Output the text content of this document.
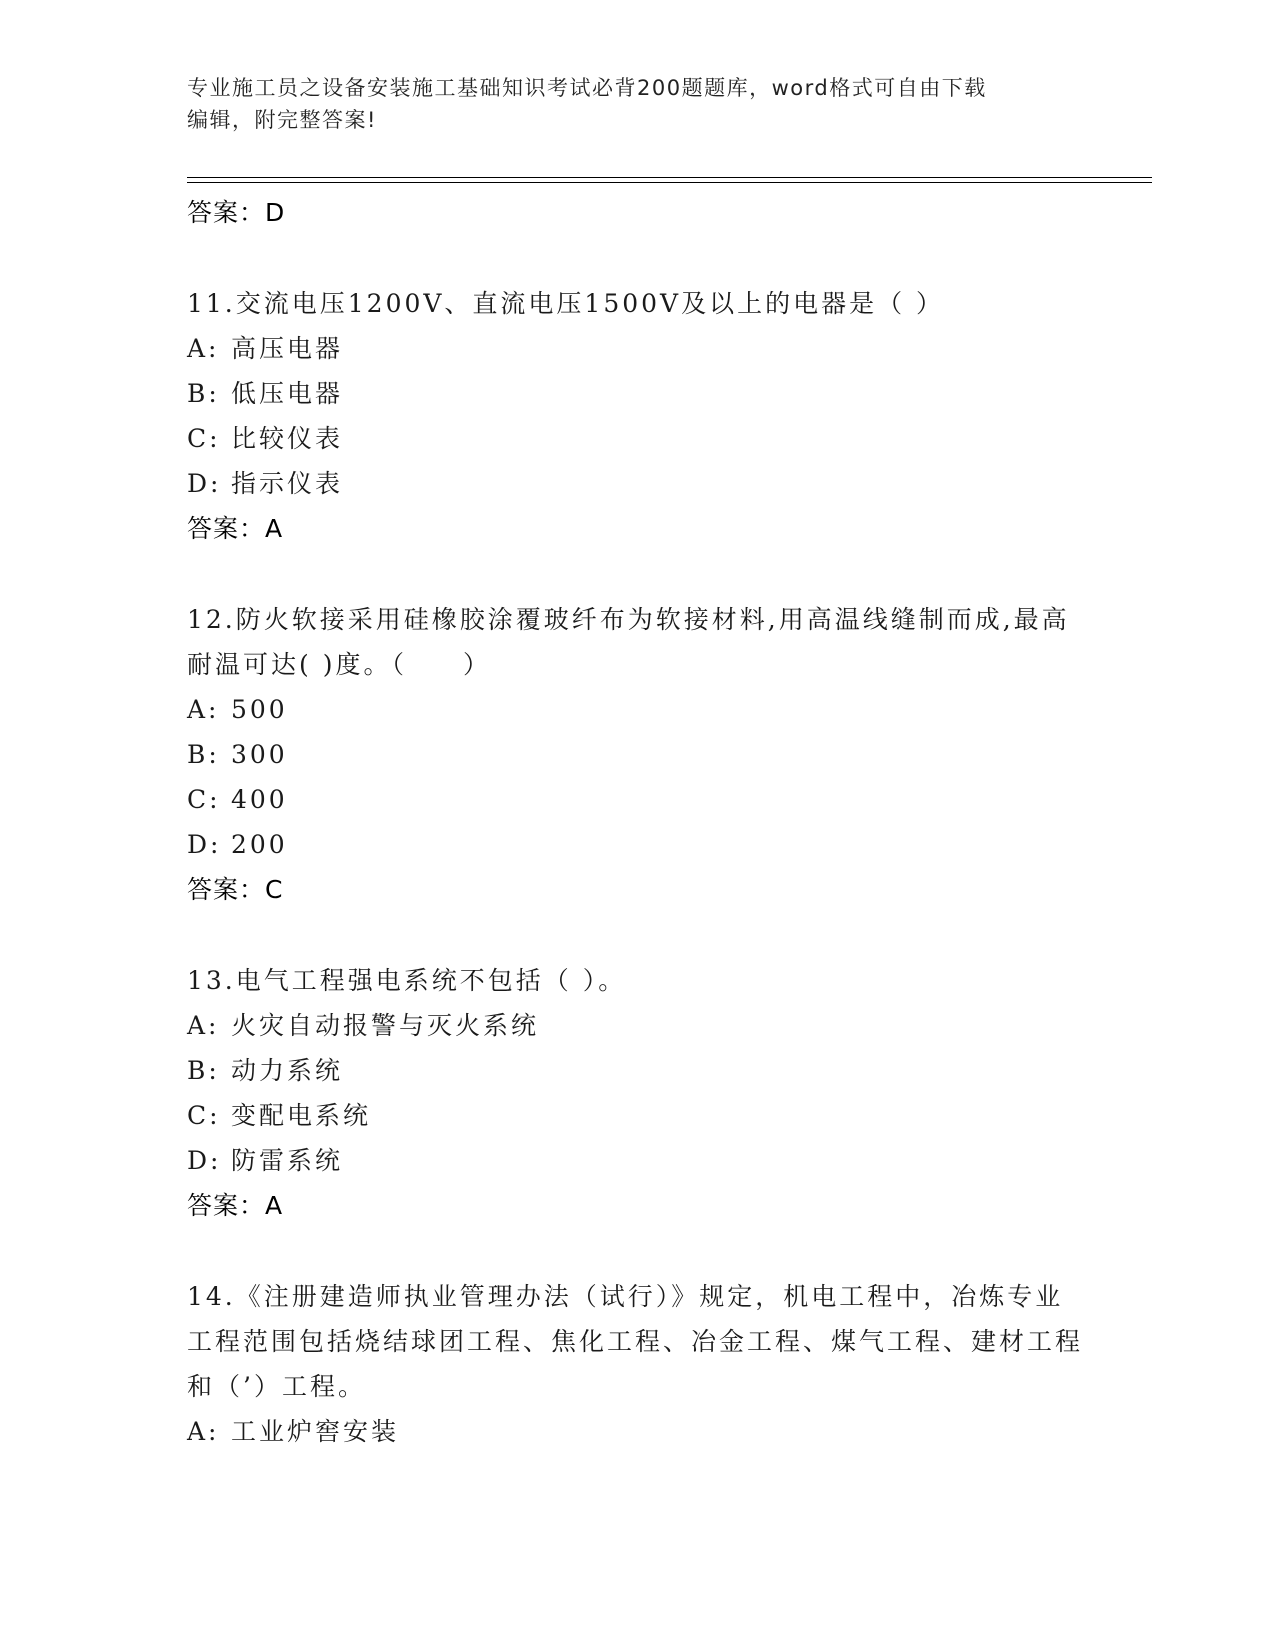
专业施工员之设备安装施工基础知识考试必背200题题库，word格式可自由下载
编辑，附完整答案!
答案：D
11.交流电压1200V、直流电压1500V及以上的电器是（ ）
A: 高压电器
B: 低压电器
C: 比较仪表
D: 指示仪表
答案：A
12.防火软接采用硅橡胶涂覆玻纤布为软接材料,用高温线缝制而成,最高耐温可达( )度。（　　）
A: 500
B: 300
C: 400
D: 200
答案：C
13.电气工程强电系统不包括（ ）。
A: 火灾自动报警与灭火系统
B: 动力系统
C: 变配电系统
D: 防雷系统
答案：A
14.《注册建造师执业管理办法（试行）》规定，机电工程中，冶炼专业工程范围包括烧结球团工程、焦化工程、冶金工程、煤气工程、建材工程和（’）工程。
A: 工业炉窖安装
